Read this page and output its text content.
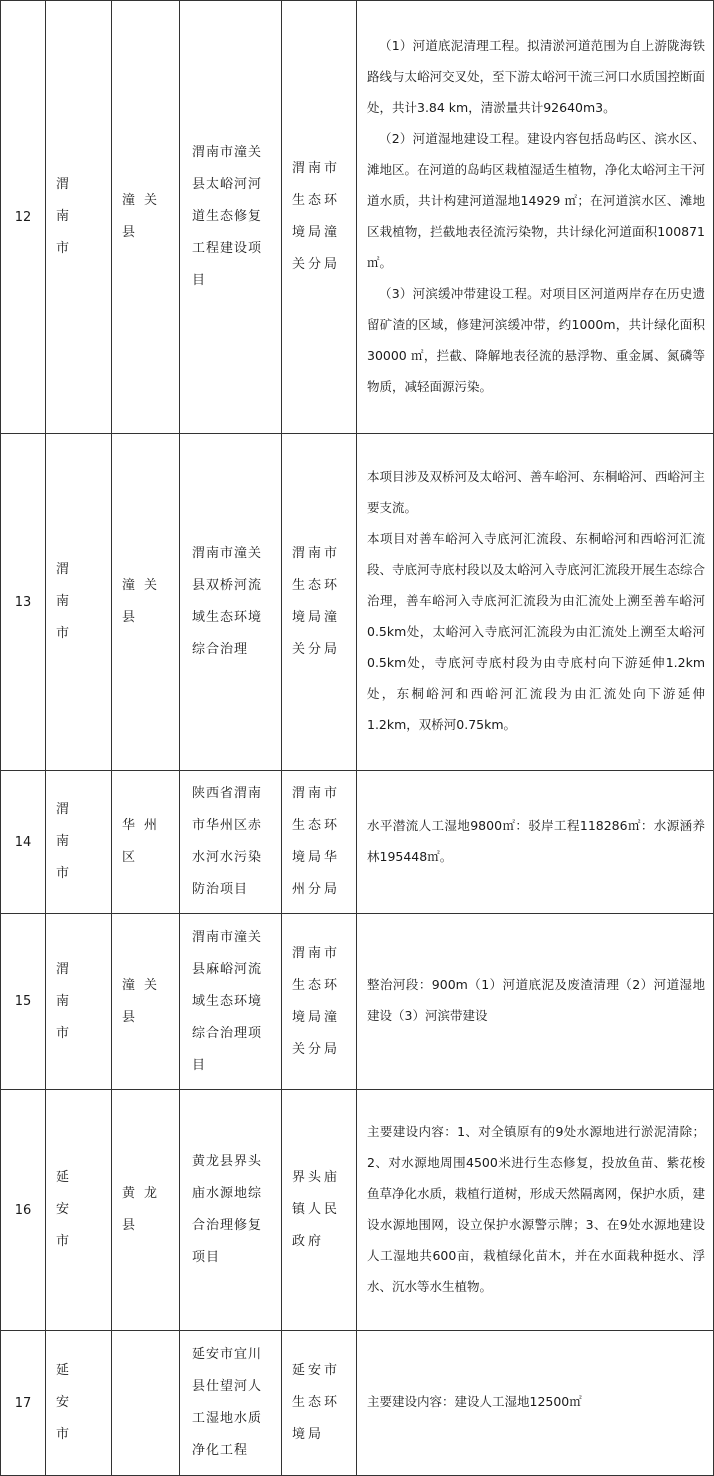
12	渭南市	潼关县	渭南市潼关县太峪河河道生态修复工程建设项目	渭南市生态环境局潼关分局	（1）河道底泥清理工程。拟清淤河道范围为自上游陇海铁路线与太峪河交叉处，至下游太峪河干流三河口水质国控断面处，共计3.84 km，清淤量共计92640m3。

（2）河道湿地建设工程。建设内容包括岛屿区、滨水区、滩地区。在河道的岛屿区栽植湿适生植物，净化太峪河主干河道水质，共计构建河道湿地14929 ㎡；在河道滨水区、滩地区栽植物，拦截地表径流污染物，共计绿化河道面积100871 ㎡。

（3）河滨缓冲带建设工程。对项目区河道两岸存在历史遗留矿渣的区域，修建河滨缓冲带，约1000m，共计绿化面积30000 ㎡，拦截、降解地表径流的悬浮物、重金属、氮磷等物质，减轻面源污染。

13	渭南市	潼关县	渭南市潼关县双桥河流域生态环境综合治理	渭南市生态环境局潼关分局	本项目涉及双桥河及太峪河、善车峪河、东桐峪河、西峪河主要支流。

本项目对善车峪河入寺底河汇流段、东桐峪河和西峪河汇流段、寺底河寺底村段以及太峪河入寺底河汇流段开展生态综合治理，善车峪河入寺底河汇流段为由汇流处上溯至善车峪河0.5km处，太峪河入寺底河汇流段为由汇流处上溯至太峪河0.5km处，寺底河寺底村段为由寺底村向下游延伸1.2km处，东桐峪河和西峪河汇流段为由汇流处向下游延伸1.2km，双桥河0.75km。

14	渭南市	华州区	陕西省渭南市华州区赤水河水污染防治项目	渭南市生态环境局华州分局	水平潜流人工湿地9800㎡：驳岸工程118286㎡：水源涵养林195448㎡。

15	渭南市	潼关县	渭南市潼关县麻峪河流域生态环境综合治理项目	渭南市生态环境局潼关分局	整治河段：900m（1）河道底泥及废渣清理（2）河道湿地建设（3）河滨带建设

16	延安市	黄龙县	黄龙县界头庙水源地综合治理修复项目	界头庙镇人民政府	主要建设内容：1、对全镇原有的9处水源地进行淤泥清除；2、对水源地周围4500米进行生态修复，投放鱼苗、紫花梭鱼草净化水质，栽植行道树，形成天然隔离网，保护水质，建设水源地围网，设立保护水源警示牌；3、在9处水源地建设人工湿地共600亩，栽植绿化苗木，并在水面栽种挺水、浮水、沉水等水生植物。

17	延安市		延安市宜川县仕望河人工湿地水质净化工程	延安市生态环境局	主要建设内容：建设人工湿地12500㎡
